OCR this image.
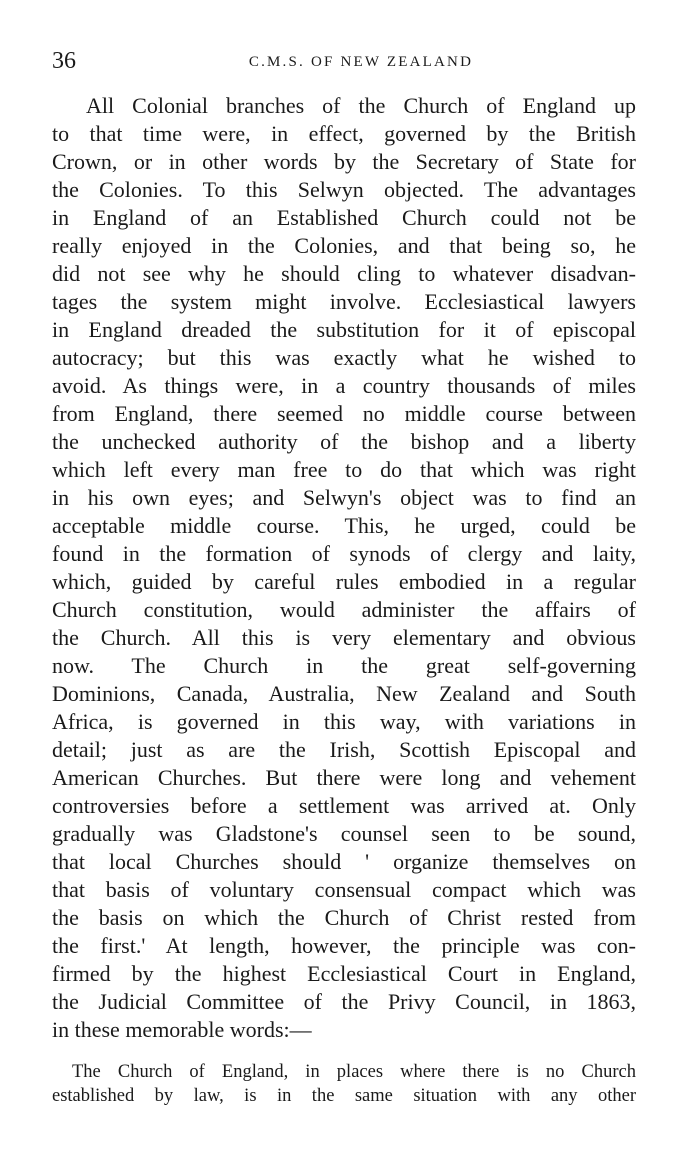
36	C.M.S. OF NEW ZEALAND
All Colonial branches of the Church of England up
to that time were, in effect, governed by the British
Crown, or in other words by the Secretary of State for
the Colonies. To this Selwyn objected. The advantages
in England of an Established Church could not be
really enjoyed in the Colonies, and that being so, he
did not see why he should cling to whatever disadvan-
tages the system might involve. Ecclesiastical lawyers
in England dreaded the substitution for it of episcopal
autocracy; but this was exactly what he wished to
avoid. As things were, in a country thousands of miles
from England, there seemed no middle course between
the unchecked authority of the bishop and a liberty
which left every man free to do that which was right
in his own eyes; and Selwyn's object was to find an
acceptable middle course. This, he urged, could be
found in the formation of synods of clergy and laity,
which, guided by careful rules embodied in a regular
Church constitution, would administer the affairs of
the Church. All this is very elementary and obvious
now. The Church in the great self-governing
Dominions, Canada, Australia, New Zealand and South
Africa, is governed in this way, with variations in
detail; just as are the Irish, Scottish Episcopal and
American Churches. But there were long and vehement
controversies before a settlement was arrived at. Only
gradually was Gladstone's counsel seen to be sound,
that local Churches should ' organize themselves on
that basis of voluntary consensual compact which was
the basis on which the Church of Christ rested from
the first.' At length, however, the principle was con-
firmed by the highest Ecclesiastical Court in England,
the Judicial Committee of the Privy Council, in 1863,
in these memorable words:—
The Church of England, in places where there is no Church
established by law, is in the same situation with any other
